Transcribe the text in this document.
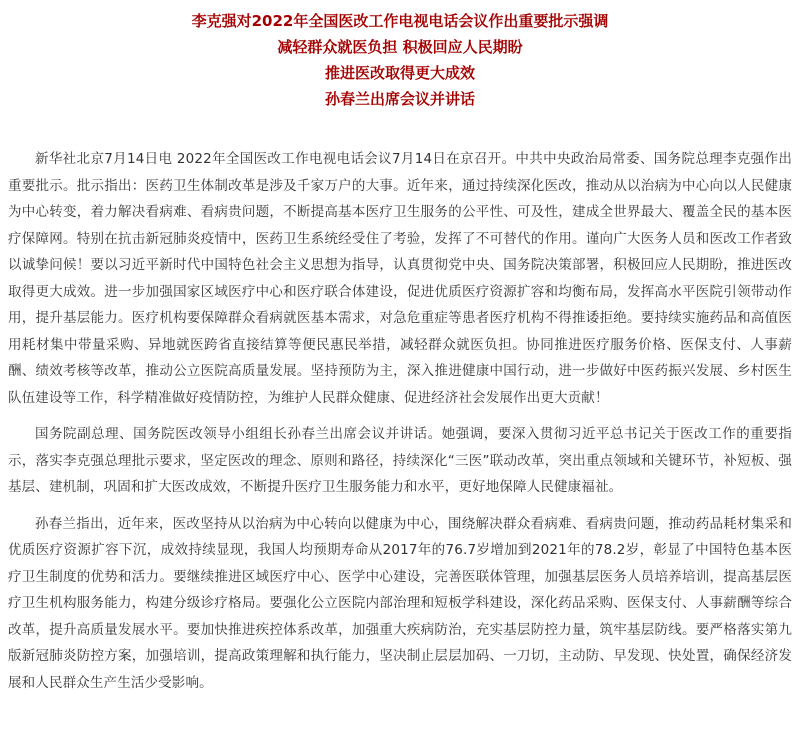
李克强对2022年全国医改工作电视电话会议作出重要批示强调

减轻群众就医负担 积极回应人民期盼

推进医改取得更大成效

孙春兰出席会议并讲话

新华社北京7月14日电 2022年全国医改工作电视电话会议7月14日在京召开。中共中央政治局常委、国务院总理李克强作出重要批示。批示指出：医药卫生体制改革是涉及千家万户的大事。近年来，通过持续深化医改，推动从以治病为中心向以人民健康为中心转变，着力解决看病难、看病贵问题，不断提高基本医疗卫生服务的公平性、可及性，建成全世界最大、覆盖全民的基本医疗保障网。特别在抗击新冠肺炎疫情中，医药卫生系统经受住了考验，发挥了不可替代的作用。谨向广大医务人员和医改工作者致以诚挚问候！要以习近平新时代中国特色社会主义思想为指导，认真贯彻党中央、国务院决策部署，积极回应人民期盼，推进医改取得更大成效。进一步加强国家区域医疗中心和医疗联合体建设，促进优质医疗资源扩容和均衡布局，发挥高水平医院引领带动作用，提升基层能力。医疗机构要保障群众看病就医基本需求，对急危重症等患者医疗机构不得推诿拒绝。要持续实施药品和高值医用耗材集中带量采购、异地就医跨省直接结算等便民惠民举措，减轻群众就医负担。协同推进医疗服务价格、医保支付、人事薪酬、绩效考核等改革，推动公立医院高质量发展。坚持预防为主，深入推进健康中国行动，进一步做好中医药振兴发展、乡村医生队伍建设等工作，科学精准做好疫情防控，为维护人民群众健康、促进经济社会发展作出更大贡献！

国务院副总理、国务院医改领导小组组长孙春兰出席会议并讲话。她强调，要深入贯彻习近平总书记关于医改工作的重要指示，落实李克强总理批示要求，坚定医改的理念、原则和路径，持续深化“三医”联动改革，突出重点领域和关键环节，补短板、强基层、建机制，巩固和扩大医改成效，不断提升医疗卫生服务能力和水平，更好地保障人民健康福祉。

孙春兰指出，近年来，医改坚持从以治病为中心转向以健康为中心，围绕解决群众看病难、看病贵问题，推动药品耗材集采和优质医疗资源扩容下沉，成效持续显现，我国人均预期寿命从2017年的76.7岁增加到2021年的78.2岁，彰显了中国特色基本医疗卫生制度的优势和活力。要继续推进区域医疗中心、医学中心建设，完善医联体管理，加强基层医务人员培养培训，提高基层医疗卫生机构服务能力，构建分级诊疗格局。要强化公立医院内部治理和短板学科建设，深化药品采购、医保支付、人事薪酬等综合改革，提升高质量发展水平。要加快推进疾控体系改革，加强重大疾病防治，充实基层防控力量，筑牢基层防线。要严格落实第九版新冠肺炎防控方案，加强培训，提高政策理解和执行能力，坚决制止层层加码、一刀切，主动防、早发现、快处置，确保经济发展和人民群众生产生活少受影响。
